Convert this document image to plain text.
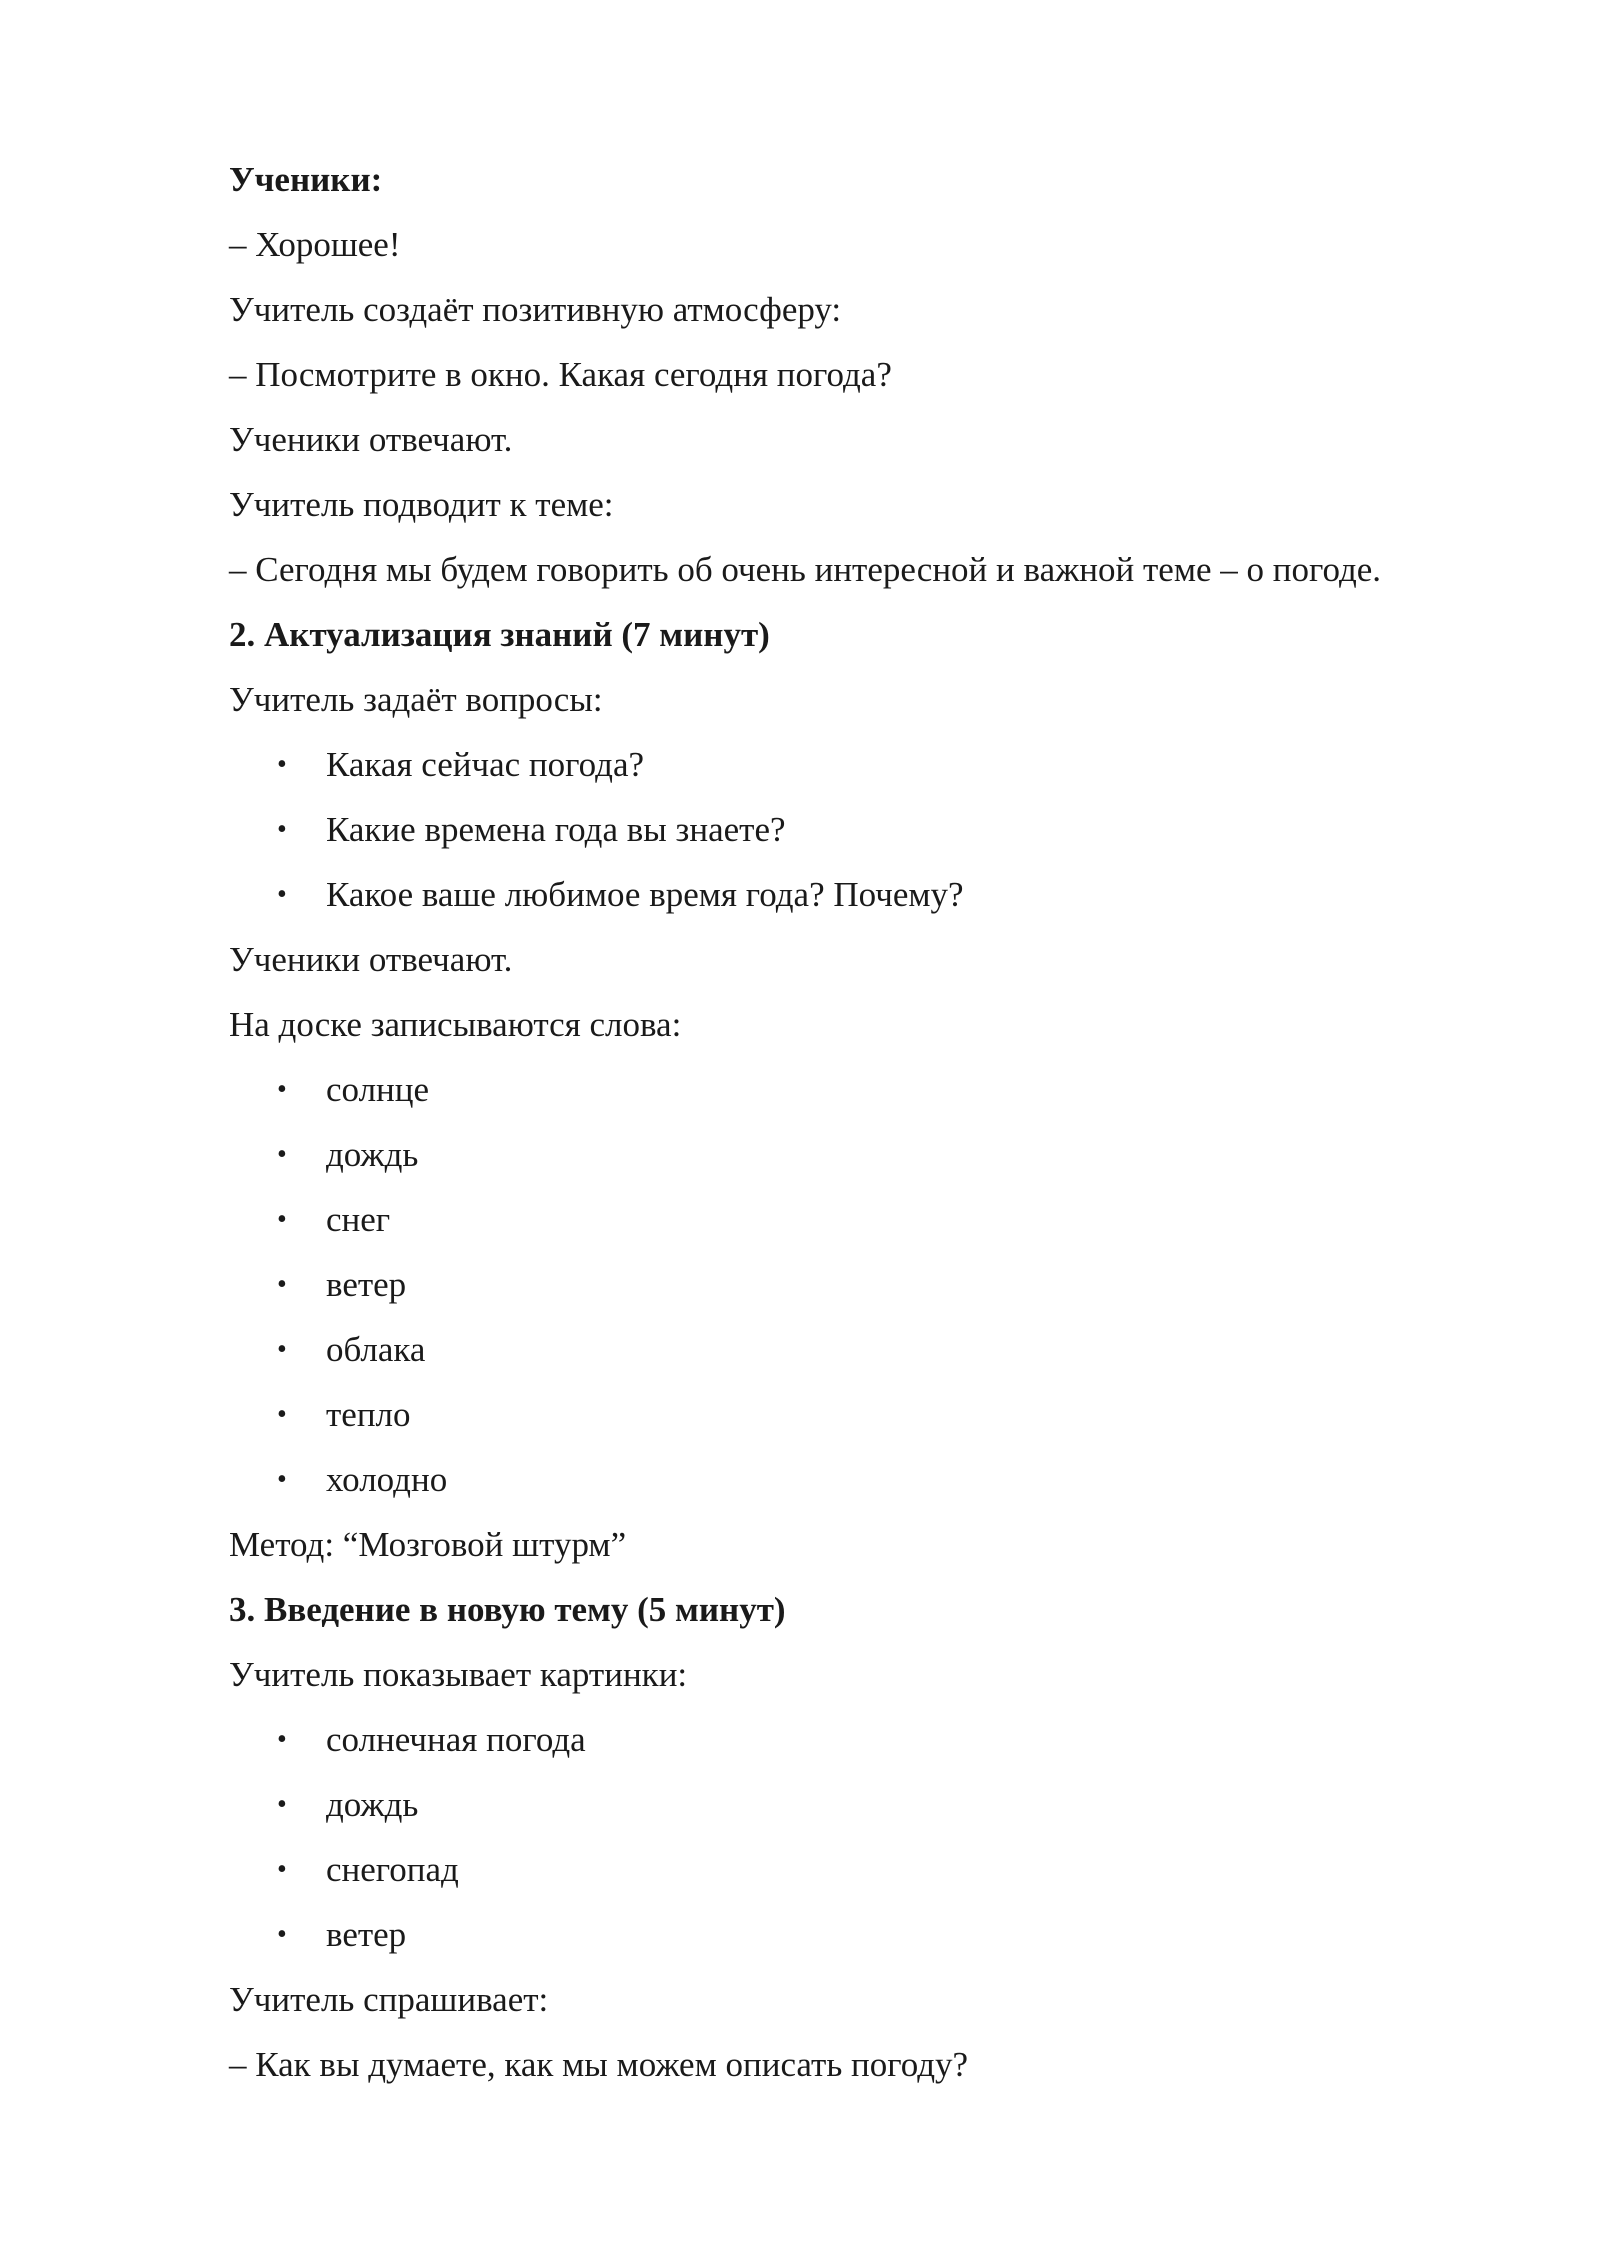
Ученики:
– Хорошее!
Учитель создаёт позитивную атмосферу:
– Посмотрите в окно. Какая сегодня погода?
Ученики отвечают.
Учитель подводит к теме:
– Сегодня мы будем говорить об очень интересной и важной теме – о погоде.
2. Актуализация знаний (7 минут)
Учитель задаёт вопросы:
• Какая сейчас погода?
• Какие времена года вы знаете?
• Какое ваше любимое время года? Почему?
Ученики отвечают.
На доске записываются слова:
• солнце
• дождь
• снег
• ветер
• облака
• тепло
• холодно
Метод: “Мозговой штурм”
3. Введение в новую тему (5 минут)
Учитель показывает картинки:
• солнечная погода
• дождь
• снегопад
• ветер
Учитель спрашивает:
– Как вы думаете, как мы можем описать погоду?
